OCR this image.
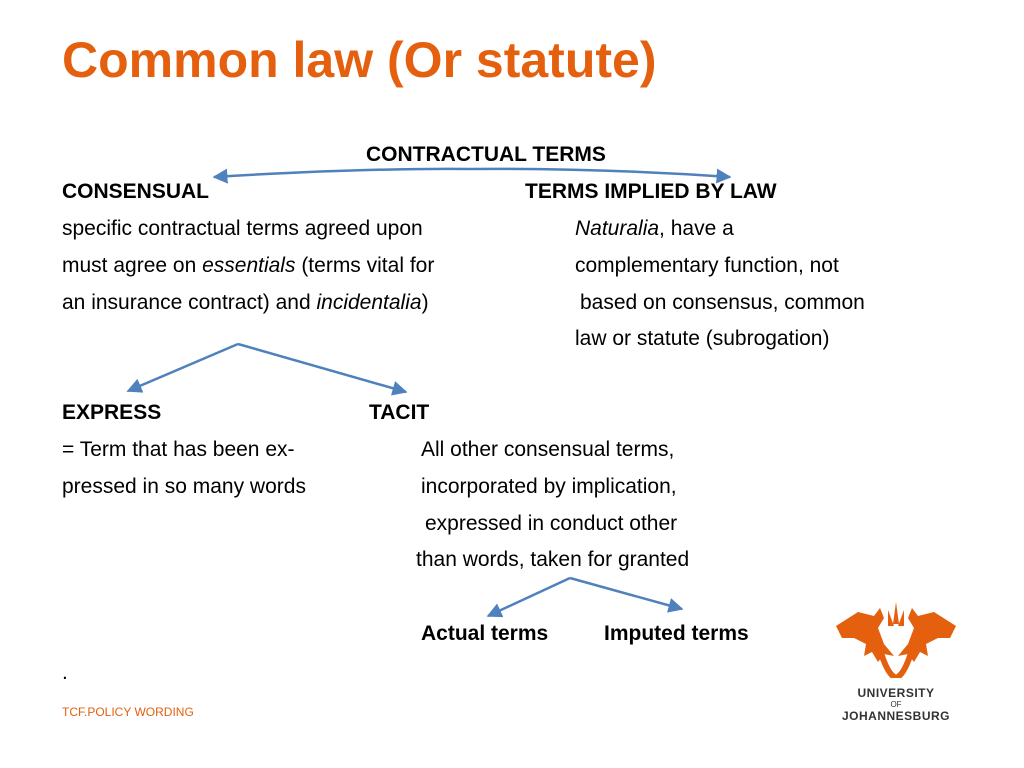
Common law (Or statute)
CONTRACTUAL TERMS
CONSENSUAL	TERMS IMPLIED BY LAW
specific contractual terms agreed upon
must agree on essentials (terms vital for
an insurance contract) and incidentalia)
Naturalia, have a
complementary function, not
based on consensus, common
law or statute (subrogation)
EXPRESS	TACIT
= Term that has been ex-
pressed in so many words
All other consensual terms,
incorporated by implication,
expressed in conduct other
than words, taken for granted
Actual terms	Imputed terms
.
TCF.POLICY WORDING
UNIVERSITY
OF
JOHANNESBURG
